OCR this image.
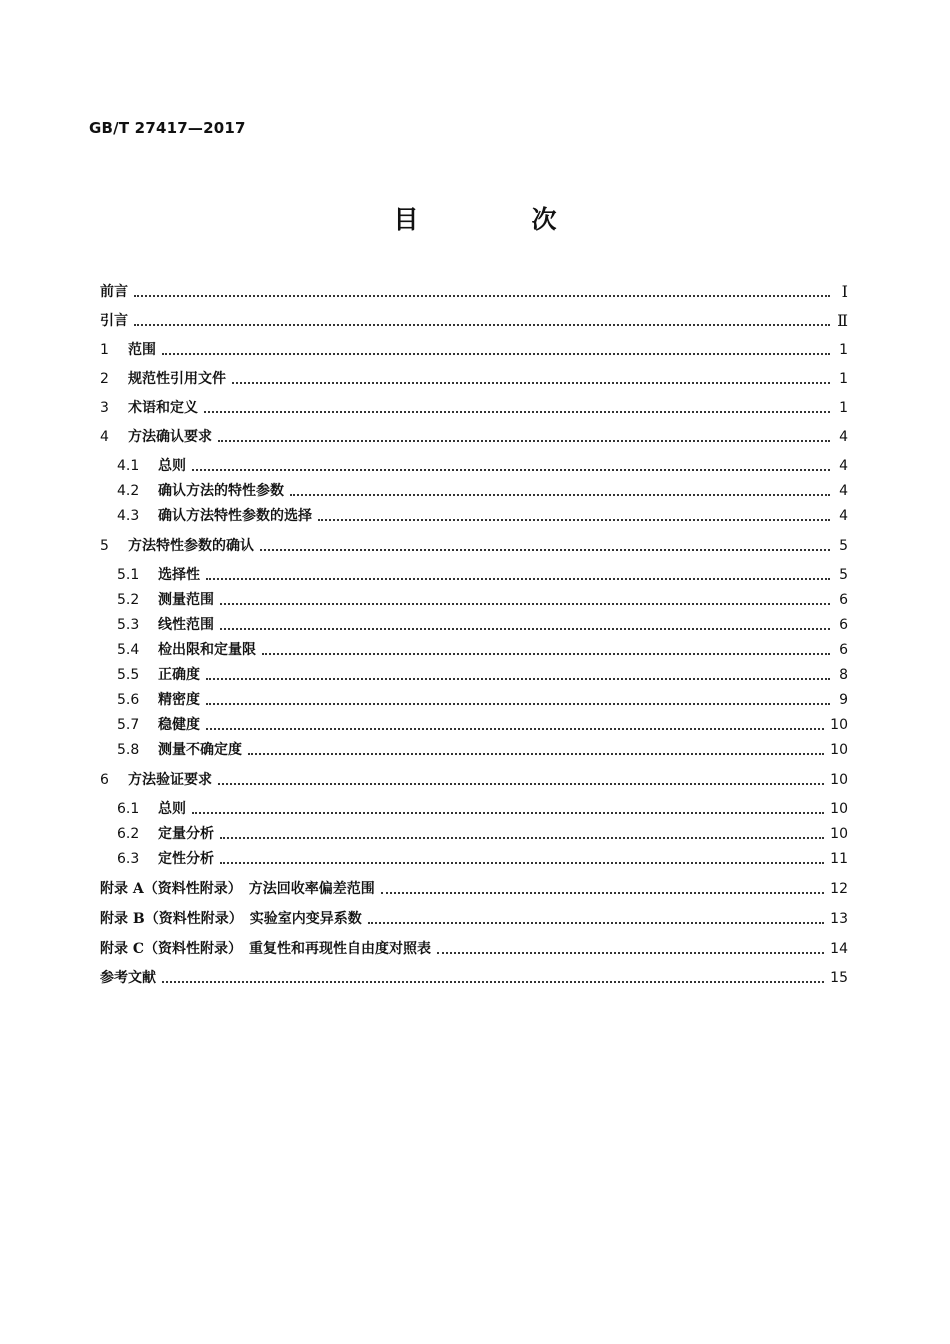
GB/T 27417—2017
目　次
前言	Ⅰ
引言	Ⅱ
1	范围	1
2	规范性引用文件	1
3	术语和定义	1
4	方法确认要求	4
4.1	总则	4
4.2	确认方法的特性参数	4
4.3	确认方法特性参数的选择	4
5	方法特性参数的确认	5
5.1	选择性	5
5.2	测量范围	6
5.3	线性范围	6
5.4	检出限和定量限	6
5.5	正确度	8
5.6	精密度	9
5.7	稳健度	10
5.8	测量不确定度	10
6	方法验证要求	10
6.1	总则	10
6.2	定量分析	10
6.3	定性分析	11
附录 A（资料性附录）　方法回收率偏差范围	12
附录 B（资料性附录）　实验室内变异系数	13
附录 C（资料性附录）　重复性和再现性自由度对照表	14
参考文献	15
